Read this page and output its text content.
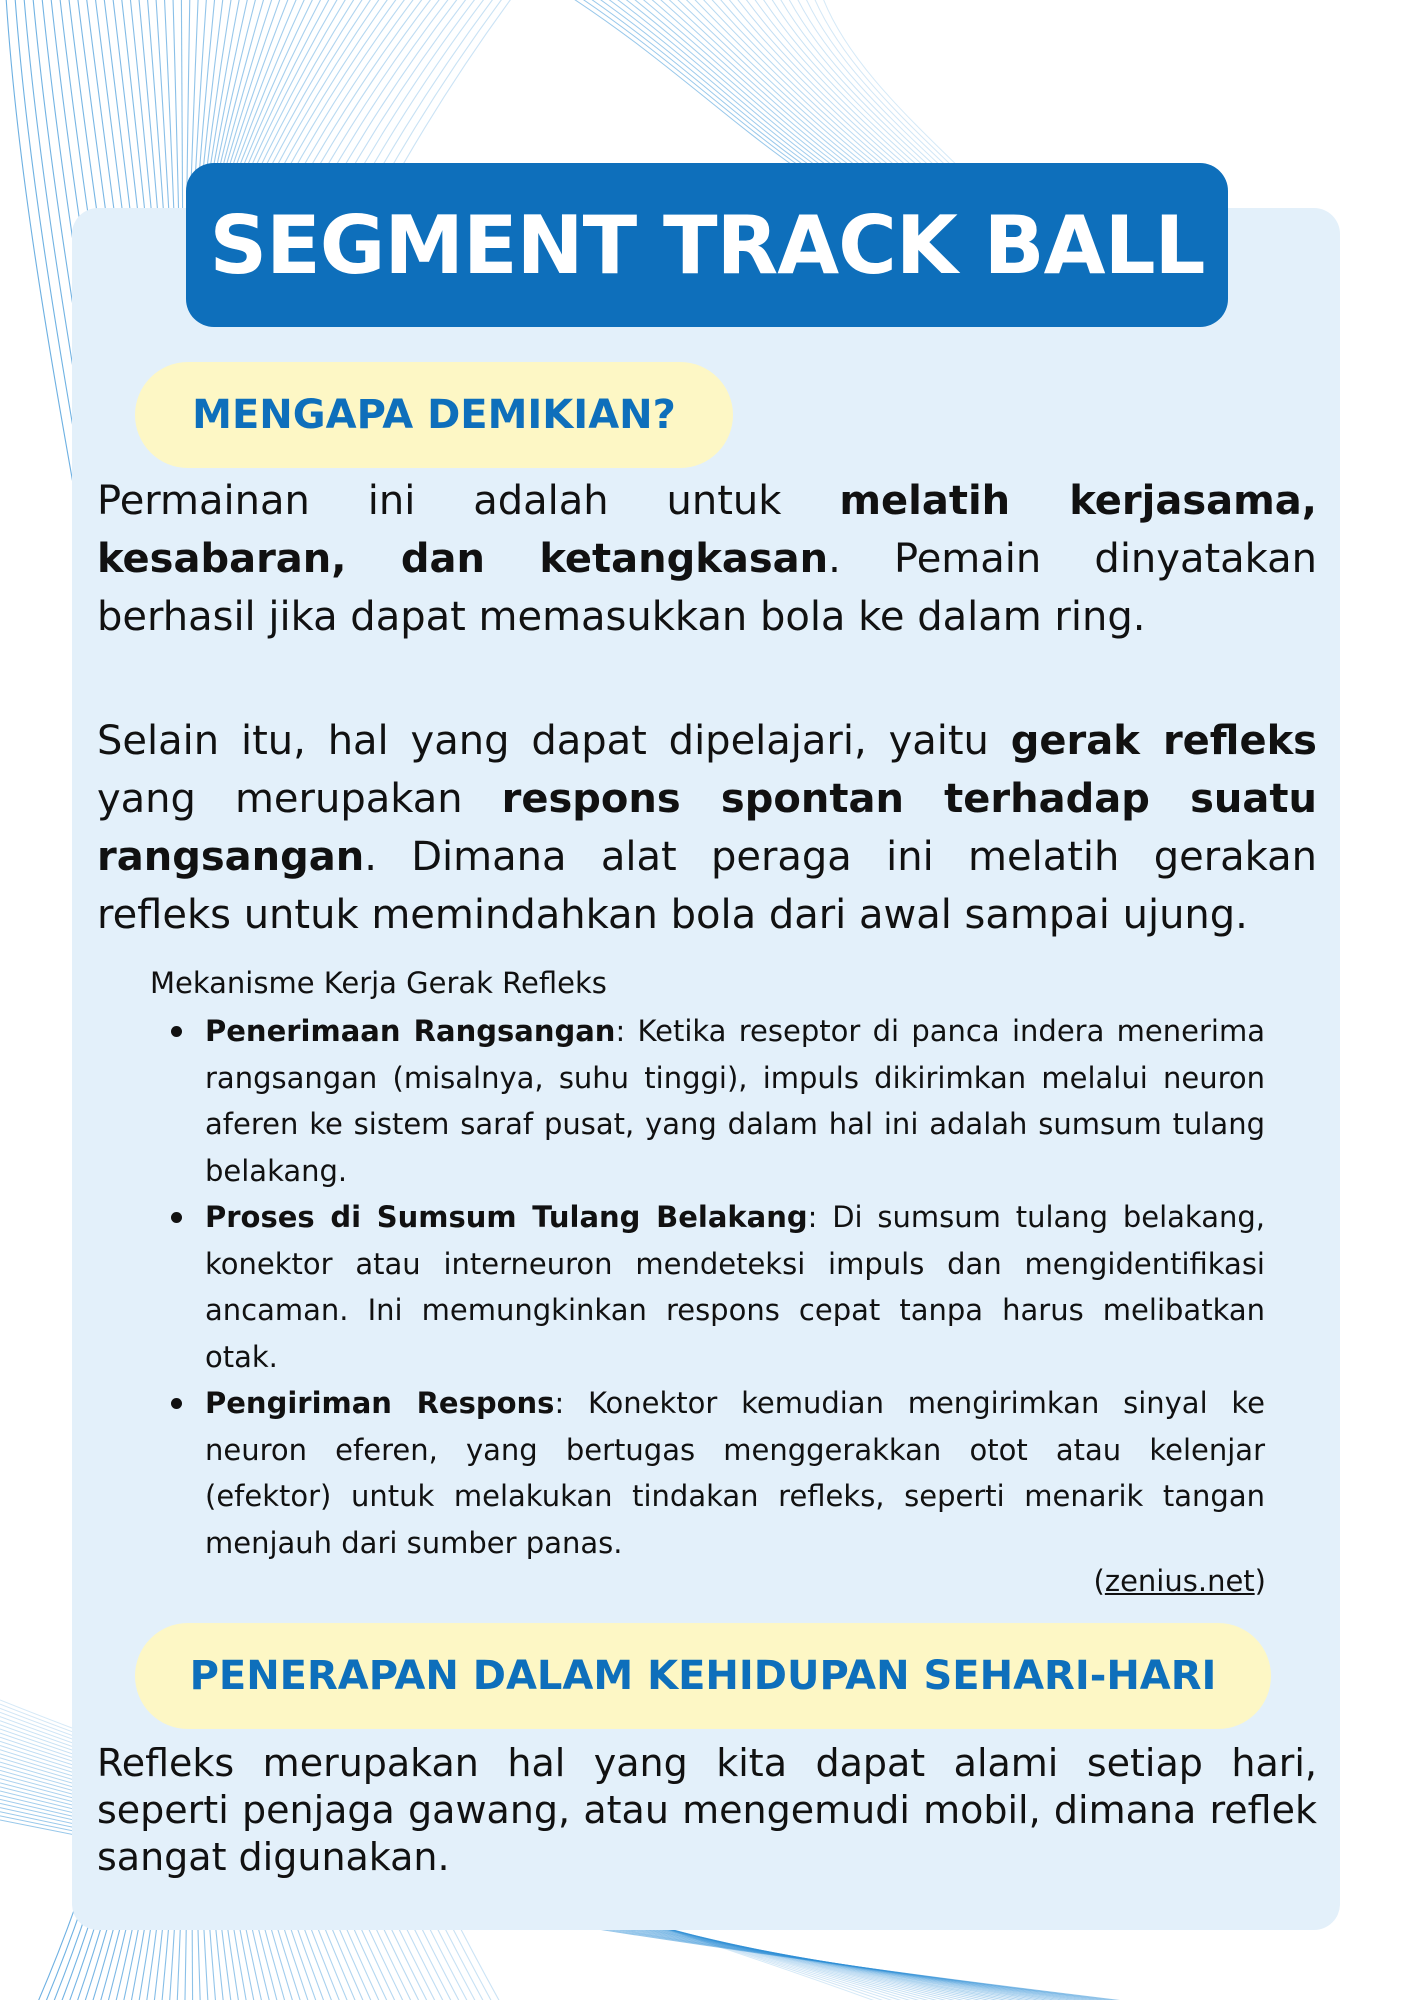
SEGMENT TRACK BALL
MENGAPA DEMIKIAN?

Permainan ini adalah untuk melatih kerjasama, kesabaran, dan ketangkasan. Pemain dinyatakan berhasil jika dapat memasukkan bola ke dalam ring.

Selain itu, hal yang dapat dipelajari, yaitu gerak refleks yang merupakan respons spontan terhadap suatu rangsangan. Dimana alat peraga ini melatih gerakan refleks untuk memindahkan bola dari awal sampai ujung.

Mekanisme Kerja Gerak Refleks

Penerimaan Rangsangan: Ketika reseptor di panca indera menerima rangsangan (misalnya, suhu tinggi), impuls dikirimkan melalui neuron aferen ke sistem saraf pusat, yang dalam hal ini adalah sumsum tulang belakang.
Proses di Sumsum Tulang Belakang: Di sumsum tulang belakang, konektor atau interneuron mendeteksi impuls dan mengidentifikasi ancaman. Ini memungkinkan respons cepat tanpa harus melibatkan otak.
Pengiriman Respons: Konektor kemudian mengirimkan sinyal ke neuron eferen, yang bertugas menggerakkan otot atau kelenjar (efektor) untuk melakukan tindakan refleks, seperti menarik tangan menjauh dari sumber panas.

(zenius.net)

PENERAPAN DALAM KEHIDUPAN SEHARI-HARI

Refleks merupakan hal yang kita dapat alami setiap hari, seperti penjaga gawang, atau mengemudi mobil, dimana reflek sangat digunakan.
